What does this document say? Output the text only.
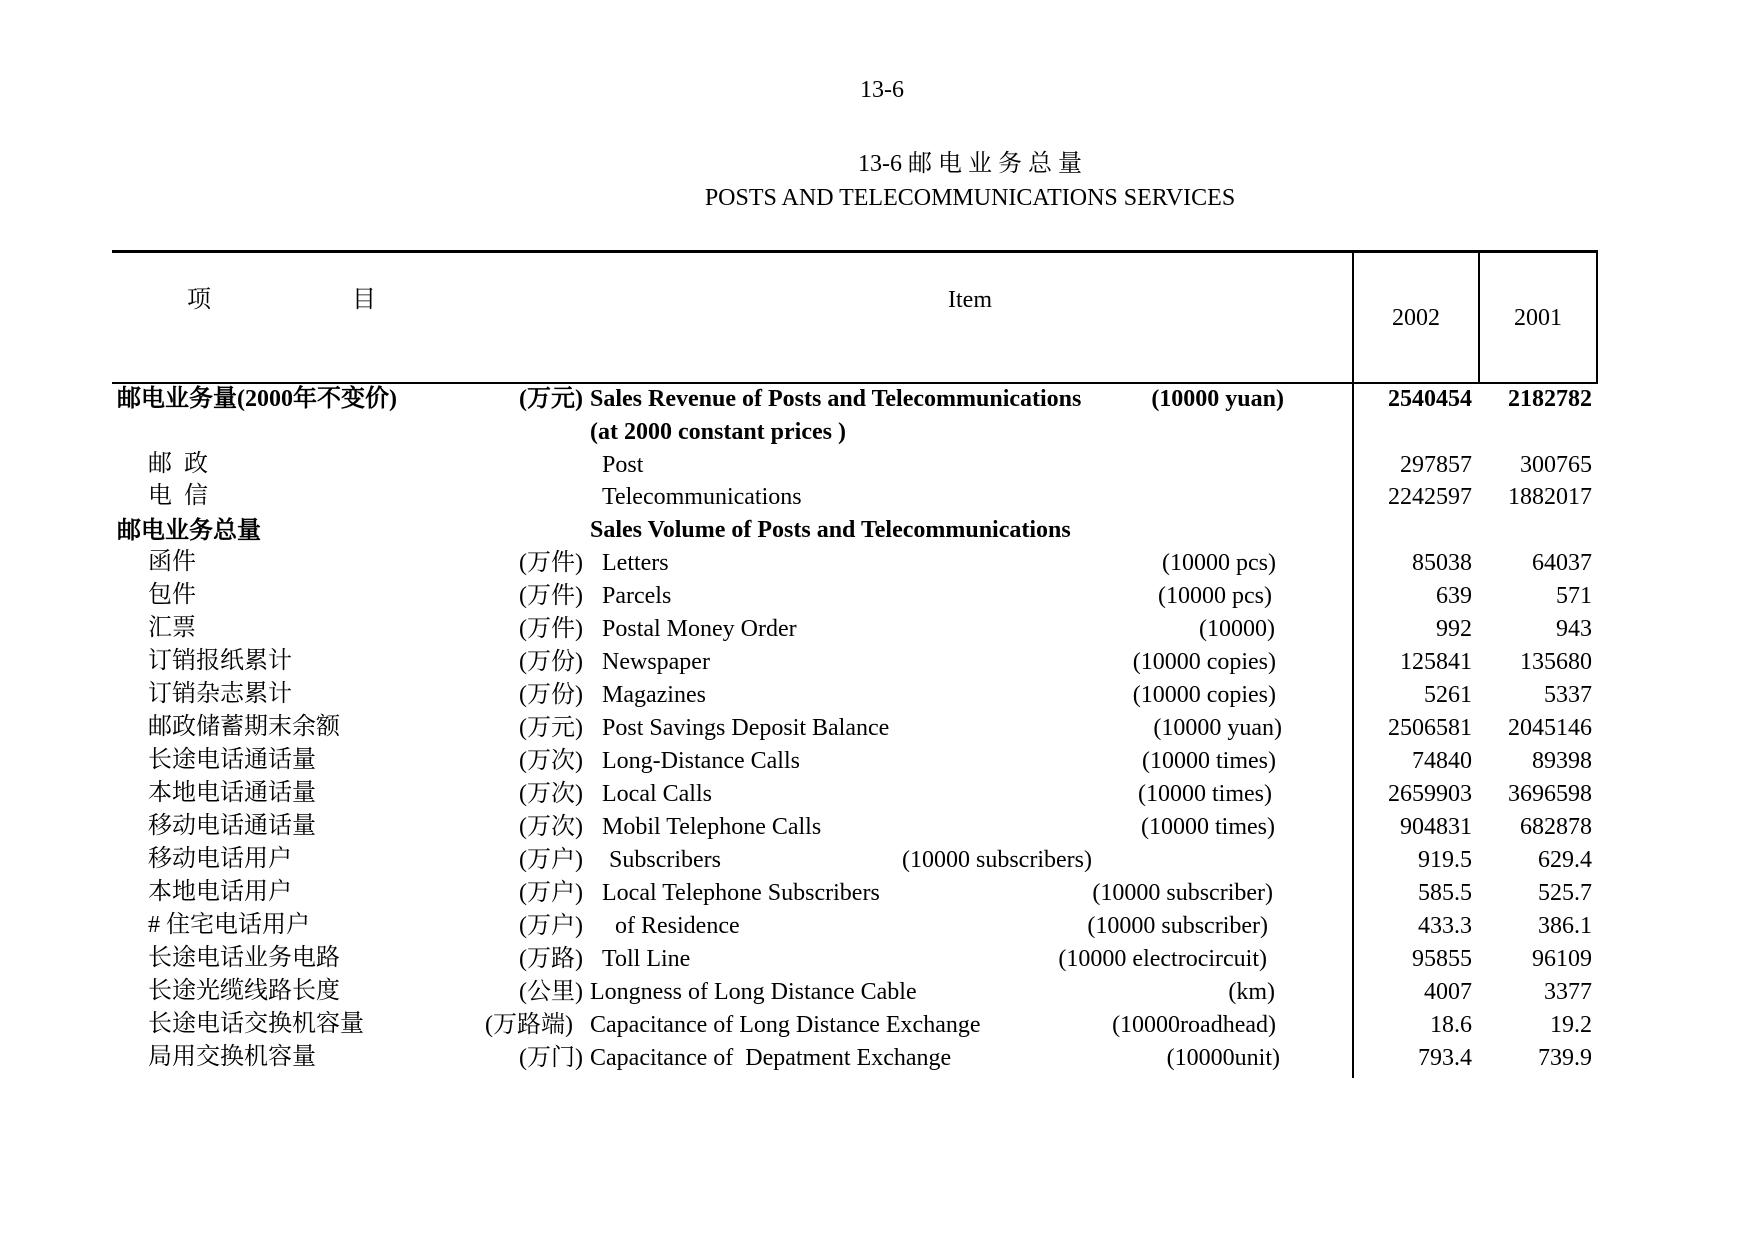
13-6
13-6 邮 电 业 务 总 量
POSTS AND TELECOMMUNICATIONS SERVICES
项	目	Item
2002	2001
邮电业务量(2000年不变价)	(万元) Sales Revenue of Posts and Telecommunications	(10000 yuan)	2540454	2182782
(at 2000 constant prices )
邮  政	Post	297857	300765
电  信	Telecommunications	2242597	1882017
邮电业务总量	Sales Volume of Posts and Telecommunications
函件	(万件) Letters	(10000 pcs)	85038	64037
包件	(万件) Parcels	(10000 pcs)	639	571
汇票	(万件) Postal Money Order	(10000)	992	943
订销报纸累计	(万份) Newspaper	(10000 copies)	125841	135680
订销杂志累计	(万份) Magazines	(10000 copies)	5261	5337
邮政储蓄期末余额	(万元) Post Savings Deposit Balance	(10000 yuan)	2506581	2045146
长途电话通话量	(万次) Long-Distance Calls	(10000 times)	74840	89398
本地电话通话量	(万次) Local Calls	(10000 times)	2659903	3696598
移动电话通话量	(万次) Mobil Telephone Calls	(10000 times)	904831	682878
移动电话用户	(万户) Subscribers	(10000 subscribers)	919.5	629.4
本地电话用户	(万户) Local Telephone Subscribers	(10000 subscriber)	585.5	525.7
# 住宅电话用户	(万户) of Residence	(10000 subscriber)	433.3	386.1
长途电话业务电路	(万路) Toll Line	(10000 electrocircuit)	95855	96109
长途光缆线路长度	(公里) Longness of Long Distance Cable	(km)	4007	3377
长途电话交换机容量	(万路端) Capacitance of Long Distance Exchange	(10000roadhead)	18.6	19.2
局用交换机容量	(万门) Capacitance of  Depatment Exchange	(10000unit)	793.4	739.9
